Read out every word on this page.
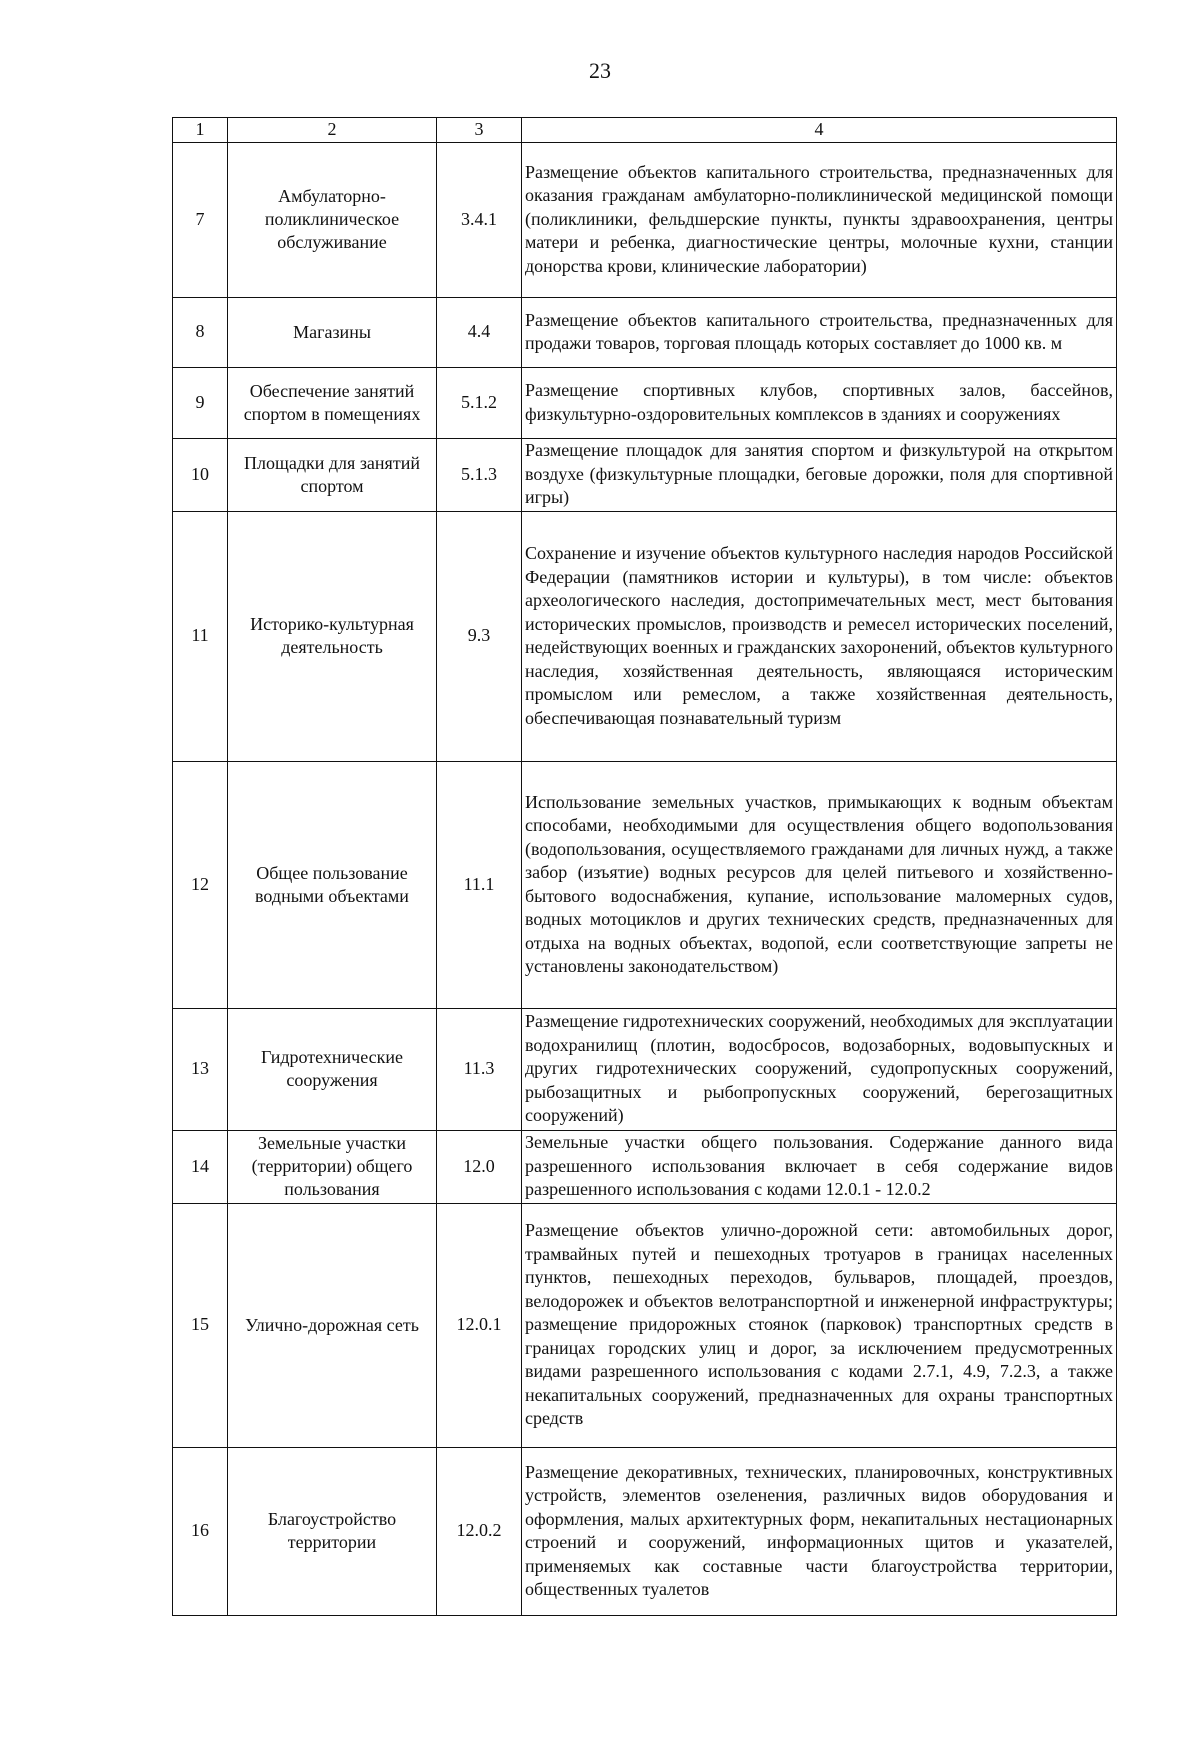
23
1	2	3	4
7	Амбулаторно-поликлиническое обслуживание	3.4.1	Размещение объектов капитального строительства, предназначенных для оказания гражданам амбулаторно-поликлинической медицинской помощи (поликлиники, фельдшерские пункты, пункты здравоохранения, центры матери и ребенка, диагностические центры, молочные кухни, станции донорства крови, клинические лаборатории)
8	Магазины	4.4	Размещение объектов капитального строительства, предназначенных для продажи товаров, торговая площадь которых составляет до 1000 кв. м
9	Обеспечение занятий спортом в помещениях	5.1.2	Размещение спортивных клубов, спортивных залов, бассейнов, физкультурно-оздоровительных комплексов в зданиях и сооружениях
10	Площадки для занятий спортом	5.1.3	Размещение площадок для занятия спортом и физкультурой на открытом воздухе (физкультурные площадки, беговые дорожки, поля для спортивной игры)
11	Историко-культурная деятельность	9.3	Сохранение и изучение объектов культурного наследия народов Российской Федерации (памятников истории и культуры), в том числе: объектов археологического наследия, достопримечательных мест, мест бытования исторических промыслов, производств и ремесел исторических поселений, недействующих военных и гражданских захоронений, объектов культурного наследия, хозяйственная деятельность, являющаяся историческим промыслом или ремеслом, а также хозяйственная деятельность, обеспечивающая познавательный туризм
12	Общее пользование водными объектами	11.1	Использование земельных участков, примыкающих к водным объектам способами, необходимыми для осуществления общего водопользования (водопользования, осуществляемого гражданами для личных нужд, а также забор (изъятие) водных ресурсов для целей питьевого и хозяйственно-бытового водоснабжения, купание, использование маломерных судов, водных мотоциклов и других технических средств, предназначенных для отдыха на водных объектах, водопой, если соответствующие запреты не установлены законодательством)
13	Гидротехнические сооружения	11.3	Размещение гидротехнических сооружений, необходимых для эксплуатации водохранилищ (плотин, водосбросов, водозаборных, водовыпускных и других гидротехнических сооружений, судопропускных сооружений, рыбозащитных и рыбопропускных сооружений, берегозащитных сооружений)
14	Земельные участки (территории) общего пользования	12.0	Земельные участки общего пользования. Содержание данного вида разрешенного использования включает в себя содержание видов разрешенного использования с кодами 12.0.1 - 12.0.2
15	Улично-дорожная сеть	12.0.1	Размещение объектов улично-дорожной сети: автомобильных дорог, трамвайных путей и пешеходных тротуаров в границах населенных пунктов, пешеходных переходов, бульваров, площадей, проездов, велодорожек и объектов велотранспортной и инженерной инфраструктуры; размещение придорожных стоянок (парковок) транспортных средств в границах городских улиц и дорог, за исключением предусмотренных видами разрешенного использования с кодами 2.7.1, 4.9, 7.2.3, а также некапитальных сооружений, предназначенных для охраны транспортных средств
16	Благоустройство территории	12.0.2	Размещение декоративных, технических, планировочных, конструктивных устройств, элементов озеленения, различных видов оборудования и оформления, малых архитектурных форм, некапитальных нестационарных строений и сооружений, информационных щитов и указателей, применяемых как составные части благоустройства территории, общественных туалетов
